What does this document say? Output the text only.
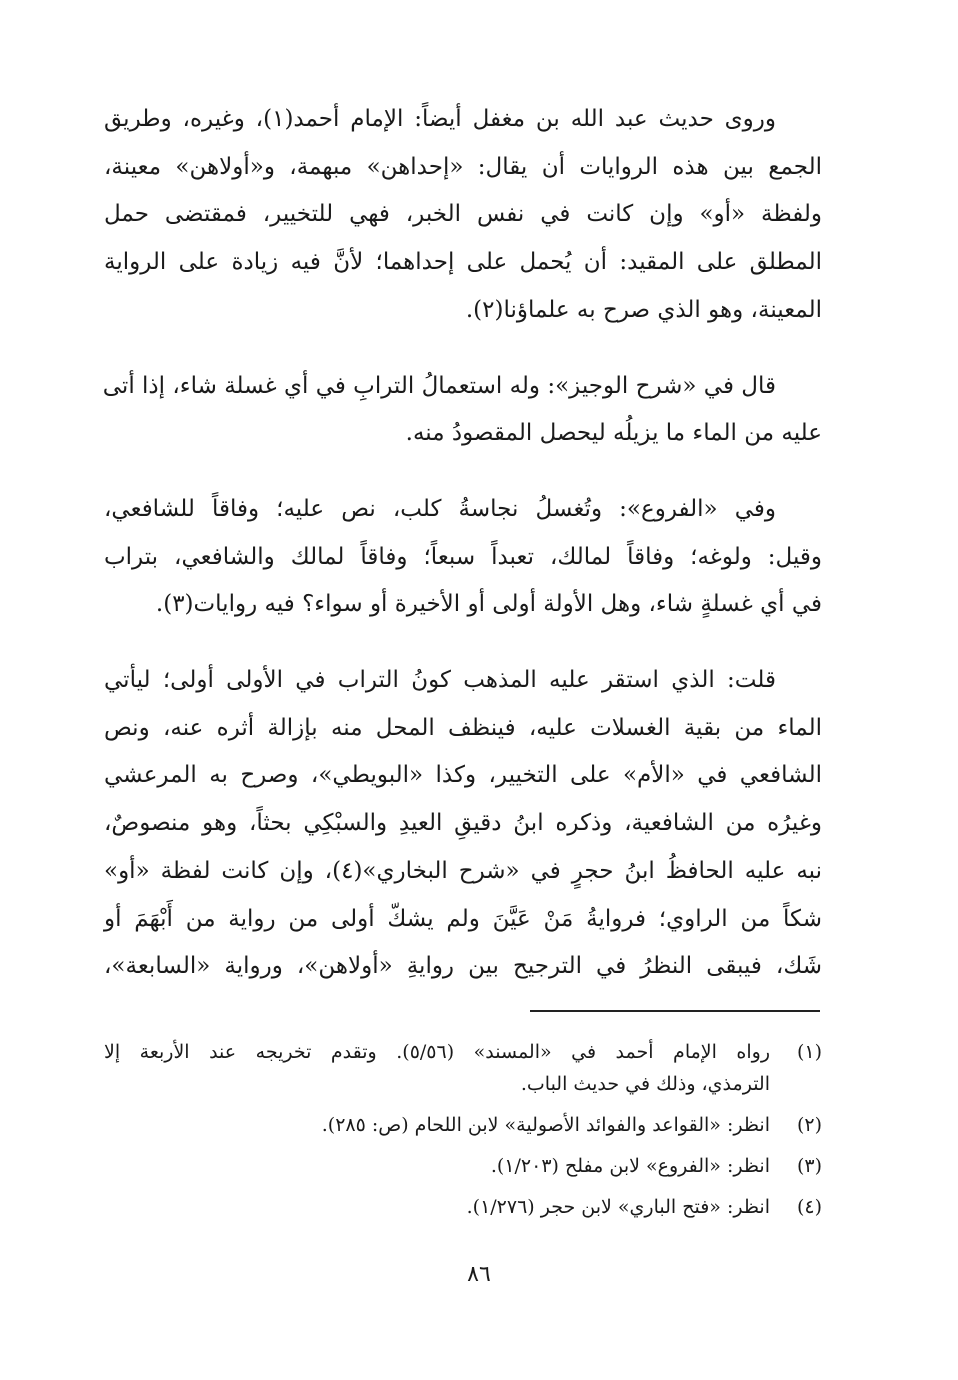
وروى حديث عبد الله بن مغفل أيضاً: الإمام أحمد(١)، وغيره، وطريق
الجمع بين هذه الروايات أن يقال: «إحداهن» مبهمة، و«أولاهن» معينة،
ولفظة «أو» وإن كانت في نفس الخبر، فهي للتخيير، فمقتضى حمل
المطلق على المقيد: أن يُحمل على إحداهما؛ لأنَّ فيه زيادة على الرواية
المعينة، وهو الذي صرح به علماؤنا(٢).
قال في «شرح الوجيز»: وله استعمالُ الترابِ في أي غسلة شاء، إذا أتى
عليه من الماء ما يزيلُه ليحصل المقصودُ منه.
وفي «الفروع»: وتُغسلُ نجاسةُ كلب، نص عليه؛ وفاقاً للشافعي،
وقيل: ولوغه؛ وفاقاً لمالك، تعبداً سبعاً؛ وفاقاً لمالك والشافعي، بتراب
في أي غسلةٍ شاء، وهل الأولة أولى أو الأخيرة أو سواء؟ فيه روايات(٣).
قلت: الذي استقر عليه المذهب كونُ التراب في الأولى أولى؛ ليأتي
الماء من بقية الغسلات عليه، فينظف المحل منه بإزالة أثره عنه، ونص
الشافعي في «الأم» على التخيير، وكذا «البويطي»، وصرح به المرعشي
وغيرُه من الشافعية، وذكره ابنُ دقيقِ العيدِ والسبْكِي بحثاً، وهو منصوصٌ،
نبه عليه الحافظُ ابنُ حجرٍ في «شرح البخاري»(٤)، وإن كانت لفظة «أو»
شكاً من الراوي؛ فروايةُ مَنْ عَيَّنَ ولم يشكّ أولى من رواية من أَبْهَمَ أو
شَك، فيبقى النظرُ في الترجيح بين روايةِ «أولاهن»، ورواية «السابعة»،
(١)
رواه الإمام أحمد في «المسند» (٥/٥٦). وتقدم تخريجه عند الأربعة إلا
الترمذي، وذلك في حديث الباب.
(٢)
انظر: «القواعد والفوائد الأصولية» لابن اللحام (ص: ٢٨٥).
(٣)
انظر: «الفروع» لابن مفلح (١/٢٠٣).
(٤)
انظر: «فتح الباري» لابن حجر (١/٢٧٦).
٨٦
